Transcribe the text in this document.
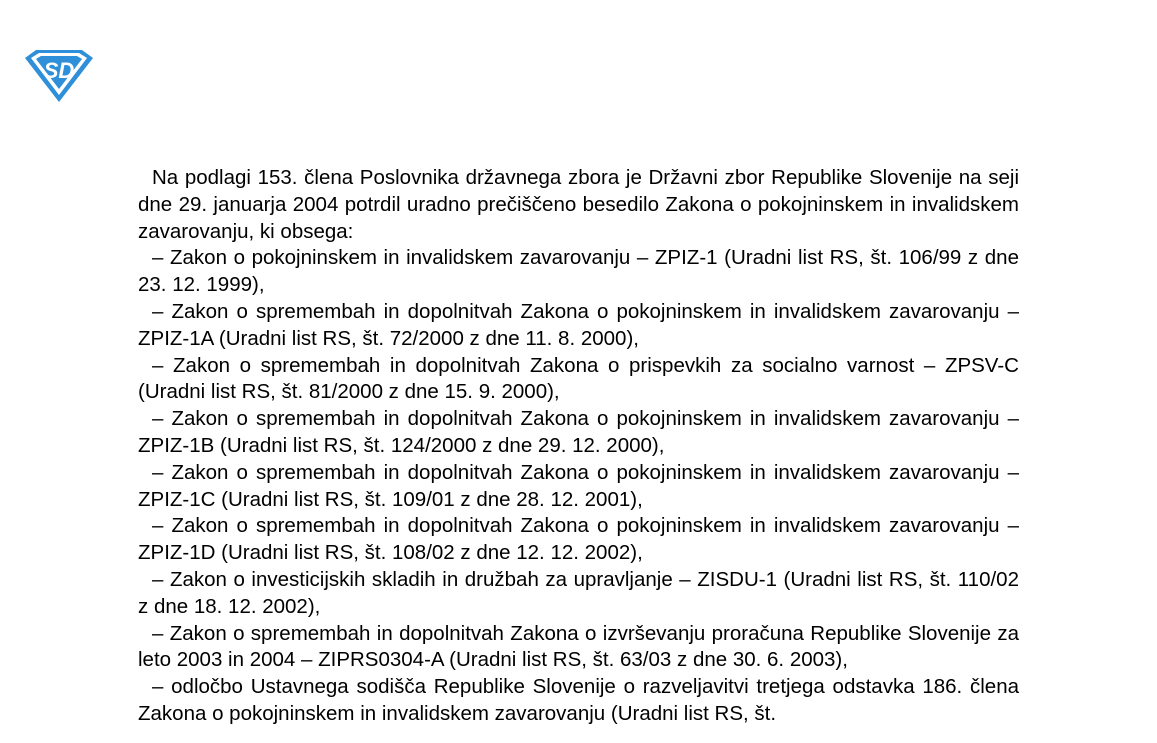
SD

Na podlagi 153. člena Poslovnika državnega zbora je Državni zbor Republike Slovenije na seji dne 29. januarja 2004 potrdil uradno prečiščeno besedilo Zakona o pokojninskem in invalidskem zavarovanju, ki obsega:

– Zakon o pokojninskem in invalidskem zavarovanju – ZPIZ-1 (Uradni list RS, št. 106/99 z dne 23. 12. 1999),

– Zakon o spremembah in dopolnitvah Zakona o pokojninskem in invalidskem zavarovanju – ZPIZ-1A (Uradni list RS, št. 72/2000 z dne 11. 8. 2000),

– Zakon o spremembah in dopolnitvah Zakona o prispevkih za socialno varnost – ZPSV-C (Uradni list RS, št. 81/2000 z dne 15. 9. 2000),

– Zakon o spremembah in dopolnitvah Zakona o pokojninskem in invalidskem zavarovanju – ZPIZ-1B (Uradni list RS, št. 124/2000 z dne 29. 12. 2000),

– Zakon o spremembah in dopolnitvah Zakona o pokojninskem in invalidskem zavarovanju – ZPIZ-1C (Uradni list RS, št. 109/01 z dne 28. 12. 2001),

– Zakon o spremembah in dopolnitvah Zakona o pokojninskem in invalidskem zavarovanju – ZPIZ-1D (Uradni list RS, št. 108/02 z dne 12. 12. 2002),

– Zakon o investicijskih skladih in družbah za upravljanje – ZISDU-1 (Uradni list RS, št. 110/02 z dne 18. 12. 2002),

– Zakon o spremembah in dopolnitvah Zakona o izvrševanju proračuna Republike Slovenije za leto 2003 in 2004 – ZIPRS0304-A (Uradni list RS, št. 63/03 z dne 30. 6. 2003),

– odločbo Ustavnega sodišča Republike Slovenije o razveljavitvi tretjega odstavka 186. člena Zakona o pokojninskem in invalidskem zavarovanju (Uradni list RS, št.
